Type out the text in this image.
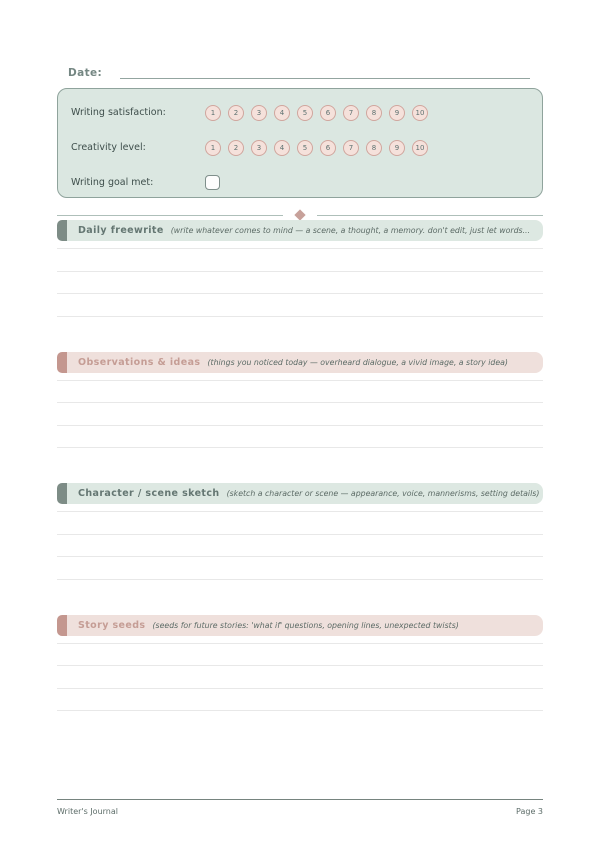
Date:
Writing satisfaction:	1	2	3	4	5	6	7	8	9	10
Creativity level:	1	2	3	4	5	6	7	8	9	10
Writing goal met:
Daily freewrite (write whatever comes to mind — a scene, a thought, a memory. don't edit, just let words...
Observations & ideas (things you noticed today — overheard dialogue, a vivid image, a story idea)
Character / scene sketch (sketch a character or scene — appearance, voice, mannerisms, setting details)
Story seeds (seeds for future stories: 'what if' questions, opening lines, unexpected twists)
Writer's Journal	Page 3
